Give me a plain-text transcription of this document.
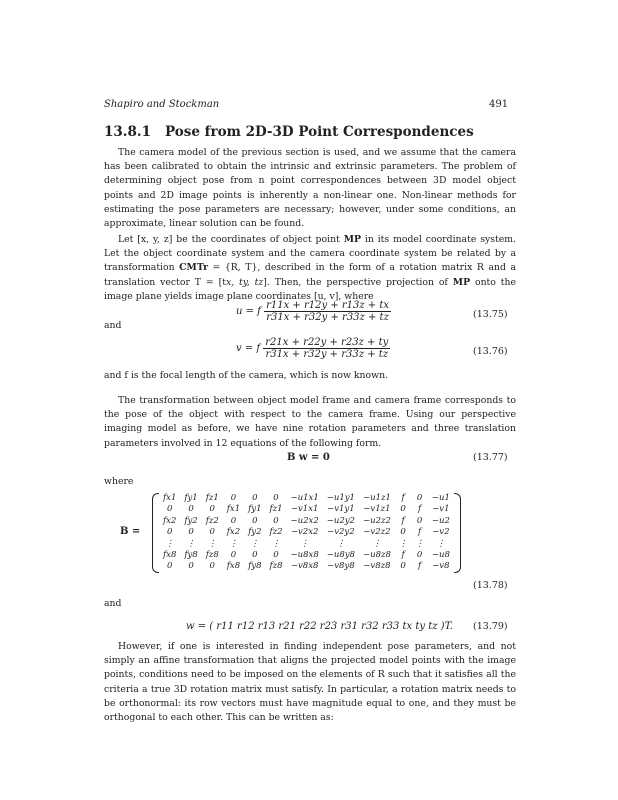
Shapiro and Stockman	491
13.8.1 Pose from 2D-3D Point Correspondences

The camera model of the previous section is used, and we assume that the camera has been calibrated to obtain the intrinsic and extrinsic parameters. The problem of determining object pose from n point correspondences between 3D model object points and 2D image points is inherently a non-linear one. Non-linear methods for estimating the pose parameters are necessary; however, under some conditions, an approximate, linear solution can be found.

Let [x, y, z] be the coordinates of object point MP in its model coordinate system. Let the object coordinate system and the camera coordinate system be related by a transformation CMTr = {R, T}, described in the form of a rotation matrix R and a translation vector T = [tx, ty, tz]. Then, the perspective projection of MP onto the image plane yields image plane coordinates [u, v], where

u = f $\frac{r11x + r12y + r13z + tx}{r31x + r32y + r33z + tz}$	(13.75)
and
v = f $\frac{r21x + r22y + r23z + ty}{r31x + r32y + r33z + tz}$	(13.76)
and f is the focal length of the camera, which is now known.

The transformation between object model frame and camera frame corresponds to the pose of the object with respect to the camera frame. Using our perspective imaging model as before, we have nine rotation parameters and three translation parameters involved in 12 equations of the following form.

B w = 0	(13.77)
where
B =
fx1	fy1	fz1	0	0	0	−u1x1	−u1y1	−u1z1	f	0	−u1
0	0	0	fx1	fy1	fz1	−v1x1	−v1y1	−v1z1	0	f	−v1
fx2	fy2	fz2	0	0	0	−u2x2	−u2y2	−u2z2	f	0	−u2
0	0	0	fx2	fy2	fz2	−v2x2	−v2y2	−v2z2	0	f	−v2
⋮	⋮	⋮	⋮	⋮	⋮	⋮	⋮	⋮	⋮	⋮	⋮
fx8	fy8	fz8	0	0	0	−u8x8	−u8y8	−u8z8	f	0	−u8
0	0	0	fx8	fy8	fz8	−v8x8	−v8y8	−v8z8	0	f	−v8
(13.78)
and
w = ( r11 r12 r13 r21 r22 r23 r31 r32 r33 tx ty tz )T. (13.79)

However, if one is interested in finding independent pose parameters, and not simply an affine transformation that aligns the projected model points with the image points, conditions need to be imposed on the elements of R such that it satisfies all the criteria a true 3D rotation matrix must satisfy. In particular, a rotation matrix needs to be orthonormal: its row vectors must have magnitude equal to one, and they must be orthogonal to each other. This can be written as:
